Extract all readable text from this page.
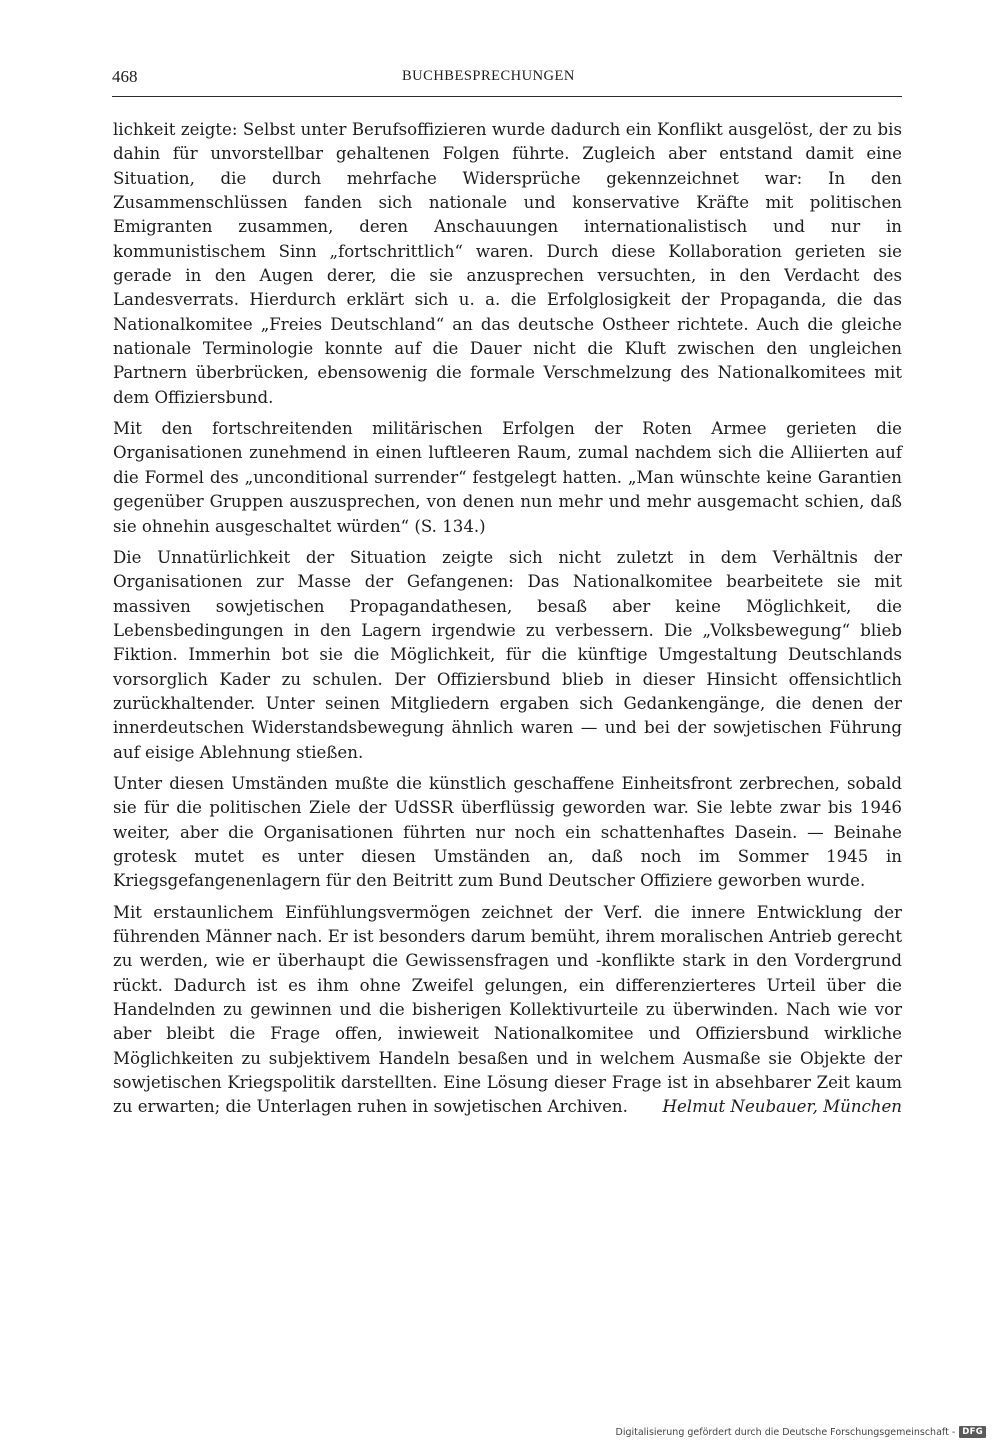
468	BUCHBESPRECHUNGEN

lichkeit zeigte: Selbst unter Berufsoffizieren wurde dadurch ein Konflikt ausgelöst, der zu bis dahin für unvorstellbar gehaltenen Folgen führte. Zugleich aber entstand damit eine Situation, die durch mehrfache Widersprüche gekennzeichnet war: In den Zusammenschlüssen fanden sich nationale und konservative Kräfte mit politischen Emigranten zusammen, deren Anschauungen internationalistisch und nur in kommunistischem Sinn „fortschrittlich“ waren. Durch diese Kollaboration gerieten sie gerade in den Augen derer, die sie anzusprechen versuchten, in den Verdacht des Landesverrats. Hierdurch erklärt sich u. a. die Erfolglosigkeit der Propaganda, die das Nationalkomitee „Freies Deutschland“ an das deutsche Ostheer richtete. Auch die gleiche nationale Terminologie konnte auf die Dauer nicht die Kluft zwischen den ungleichen Partnern überbrücken, ebensowenig die formale Verschmelzung des Nationalkomitees mit dem Offiziersbund.

Mit den fortschreitenden militärischen Erfolgen der Roten Armee gerieten die Organisationen zunehmend in einen luftleeren Raum, zumal nachdem sich die Alliierten auf die Formel des „unconditional surrender“ festgelegt hatten. „Man wünschte keine Garantien gegenüber Gruppen auszusprechen, von denen nun mehr und mehr ausgemacht schien, daß sie ohnehin ausgeschaltet würden“ (S. 134.)

Die Unnatürlichkeit der Situation zeigte sich nicht zuletzt in dem Verhältnis der Organisationen zur Masse der Gefangenen: Das Nationalkomitee bearbeitete sie mit massiven sowjetischen Propagandathesen, besaß aber keine Möglichkeit, die Lebensbedingungen in den Lagern irgendwie zu verbessern. Die „Volksbewegung“ blieb Fiktion. Immerhin bot sie die Möglichkeit, für die künftige Umgestaltung Deutschlands vorsorglich Kader zu schulen. Der Offiziersbund blieb in dieser Hinsicht offensichtlich zurückhaltender. Unter seinen Mitgliedern ergaben sich Gedankengänge, die denen der innerdeutschen Widerstandsbewegung ähnlich waren — und bei der sowjetischen Führung auf eisige Ablehnung stießen.

Unter diesen Umständen mußte die künstlich geschaffene Einheitsfront zerbrechen, sobald sie für die politischen Ziele der UdSSR überflüssig geworden war. Sie lebte zwar bis 1946 weiter, aber die Organisationen führten nur noch ein schattenhaftes Dasein. — Beinahe grotesk mutet es unter diesen Umständen an, daß noch im Sommer 1945 in Kriegsgefangenenlagern für den Beitritt zum Bund Deutscher Offiziere geworben wurde.

Mit erstaunlichem Einfühlungsvermögen zeichnet der Verf. die innere Entwicklung der führenden Männer nach. Er ist besonders darum bemüht, ihrem moralischen Antrieb gerecht zu werden, wie er überhaupt die Gewissensfragen und -konflikte stark in den Vordergrund rückt. Dadurch ist es ihm ohne Zweifel gelungen, ein differenzierteres Urteil über die Handelnden zu gewinnen und die bisherigen Kollektivurteile zu überwinden. Nach wie vor aber bleibt die Frage offen, inwieweit Nationalkomitee und Offiziersbund wirkliche Möglichkeiten zu subjektivem Handeln besaßen und in welchem Ausmaße sie Objekte der sowjetischen Kriegspolitik darstellten. Eine Lösung dieser Frage ist in absehbarer Zeit kaum zu erwarten; die Unterlagen ruhen in sowjetischen Archiven. Helmut Neubauer, München

Digitalisierung gefördert durch die Deutsche Forschungsgemeinschaft - DFG
